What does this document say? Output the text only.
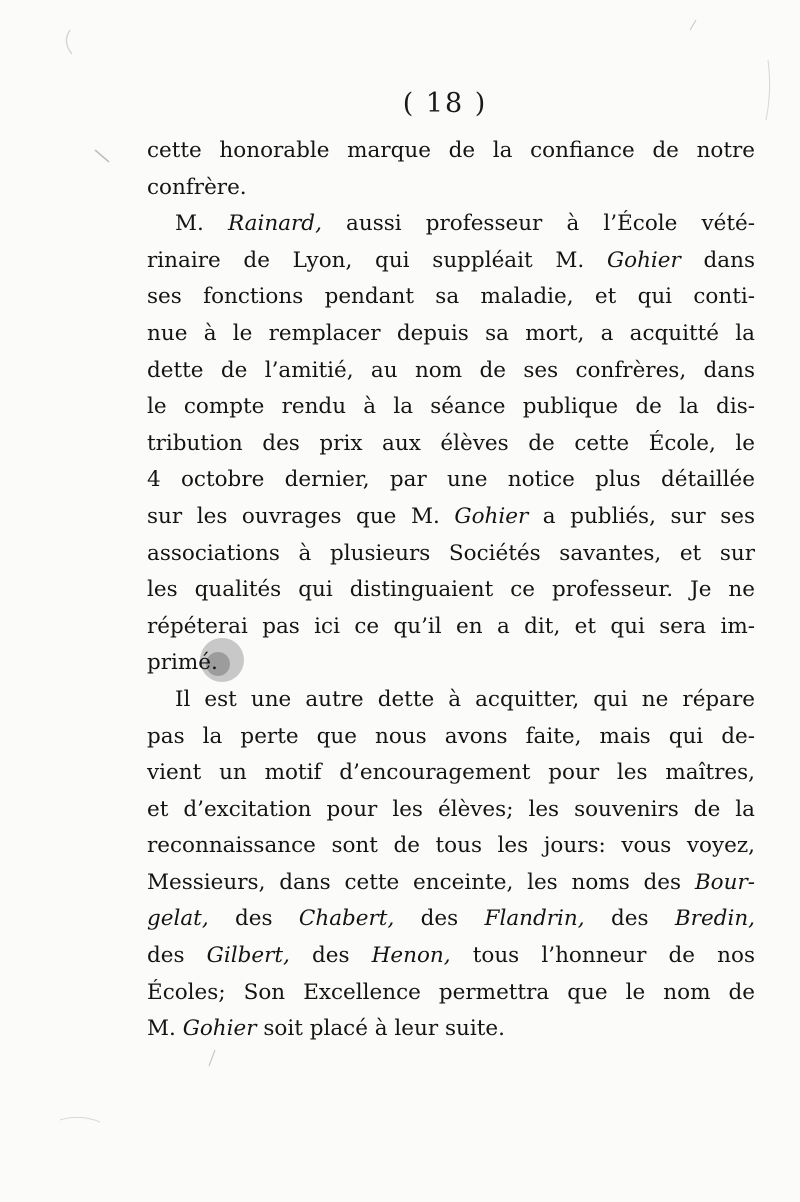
( 18 )
cette honorable marque de la confiance de notre
confrère.
M. Rainard, aussi professeur à l’École vété-
rinaire de Lyon, qui suppléait M. Gohier dans
ses fonctions pendant sa maladie, et qui conti-
nue à le remplacer depuis sa mort, a acquitté la
dette de l’amitié, au nom de ses confrères, dans
le compte rendu à la séance publique de la dis-
tribution des prix aux élèves de cette École, le
4 octobre dernier, par une notice plus détaillée
sur les ouvrages que M. Gohier a publiés, sur ses
associations à plusieurs Sociétés savantes, et sur
les qualités qui distinguaient ce professeur. Je ne
répéterai pas ici ce qu’il en a dit, et qui sera im-
primé.
Il est une autre dette à acquitter, qui ne répare
pas la perte que nous avons faite, mais qui de-
vient un motif d’encouragement pour les maîtres,
et d’excitation pour les élèves; les souvenirs de la
reconnaissance sont de tous les jours: vous voyez,
Messieurs, dans cette enceinte, les noms des Bour-
gelat, des Chabert, des Flandrin, des Bredin,
des Gilbert, des Henon, tous l’honneur de nos
Écoles; Son Excellence permettra que le nom de
M. Gohier soit placé à leur suite.
